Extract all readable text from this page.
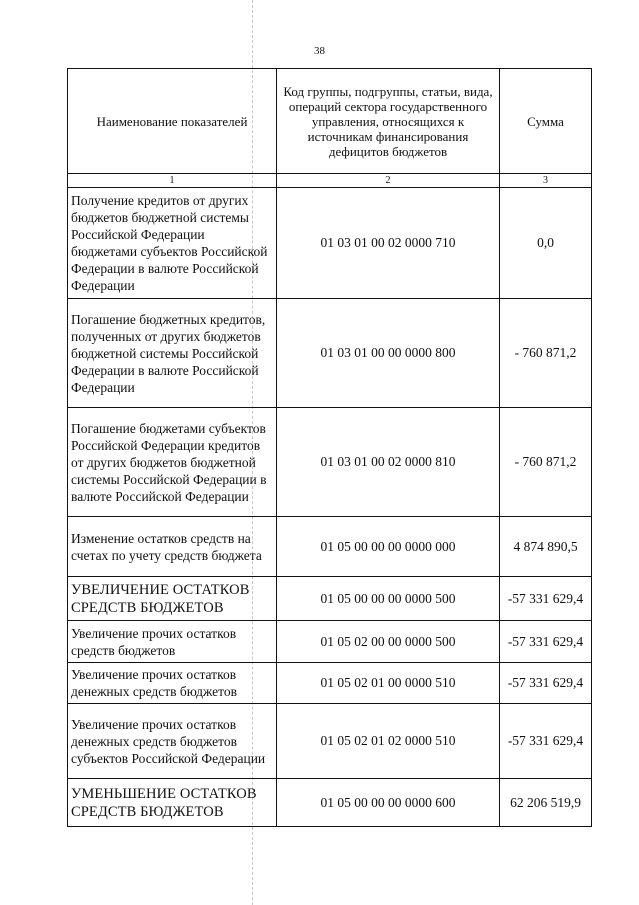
38
Наименование показателей	Код группы, подгруппы, статьи, вида, операций сектора государственного управления, относящихся к источникам финансирования дефицитов бюджетов	Сумма
1	2	3
Получение кредитов от других бюджетов бюджетной системы Российской Федерации бюджетами субъектов Российской Федерации в валюте Российской Федерации	01 03 01 00 02 0000 710	0,0
Погашение бюджетных кредитов, полученных от других бюджетов бюджетной системы Российской Федерации в валюте Российской Федерации	01 03 01 00 00 0000 800	- 760 871,2
Погашение бюджетами субъектов Российской Федерации кредитов от других бюджетов бюджетной системы Российской Федерации в валюте Российской Федерации	01 03 01 00 02 0000 810	- 760 871,2
Изменение остатков средств на счетах по учету средств бюджета	01 05 00 00 00 0000 000	4 874 890,5
УВЕЛИЧЕНИЕ ОСТАТКОВ СРЕДСТВ БЮДЖЕТОВ	01 05 00 00 00 0000 500	-57 331 629,4
Увеличение прочих остатков средств бюджетов	01 05 02 00 00 0000 500	-57 331 629,4
Увеличение прочих остатков денежных средств бюджетов	01 05 02 01 00 0000 510	-57 331 629,4
Увеличение прочих остатков денежных средств бюджетов субъектов Российской Федерации	01 05 02 01 02 0000 510	-57 331 629,4
УМЕНЬШЕНИЕ ОСТАТКОВ СРЕДСТВ БЮДЖЕТОВ	01 05 00 00 00 0000 600	62 206 519,9
